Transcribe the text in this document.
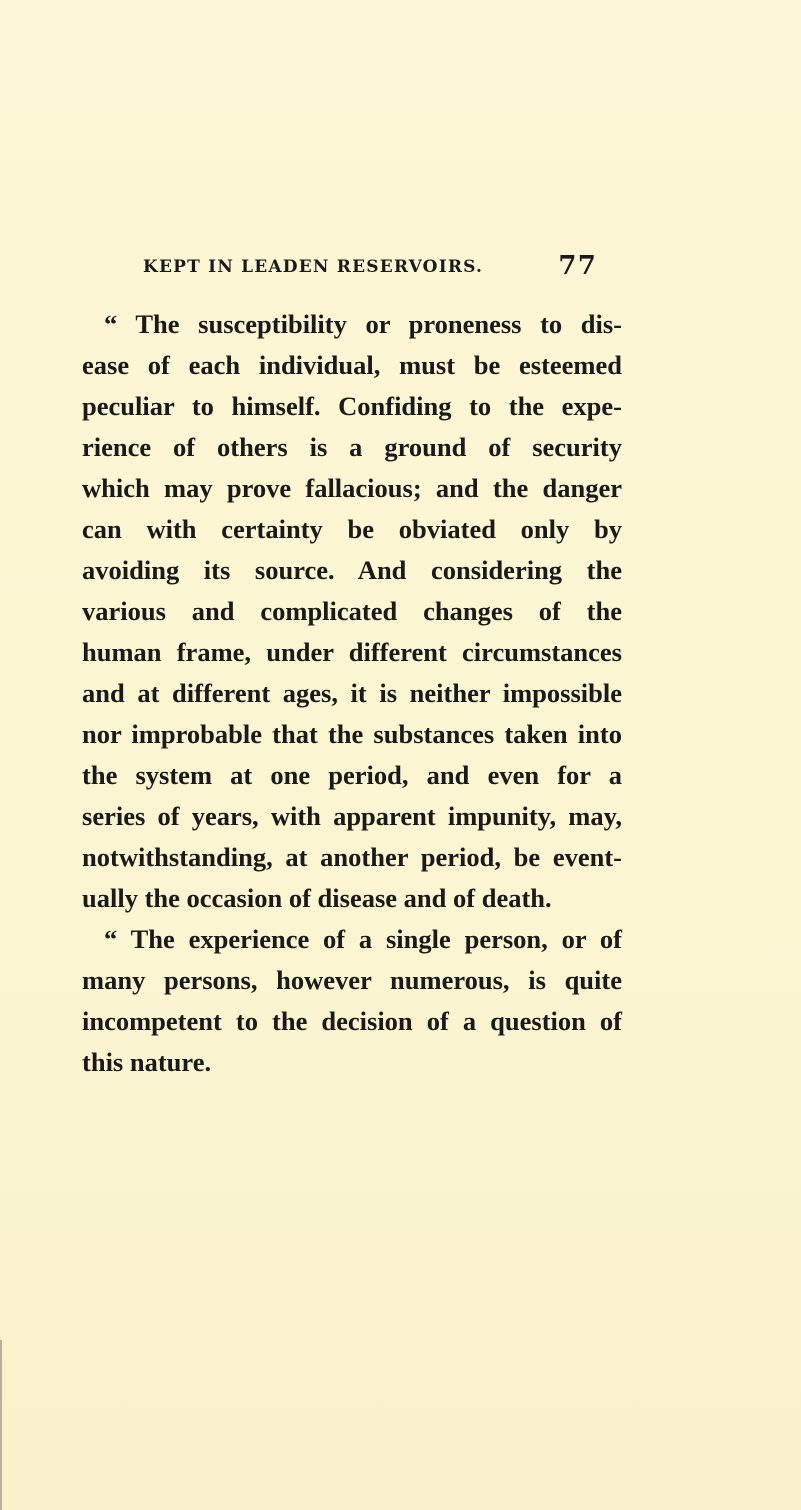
KEPT IN LEADEN RESERVOIRS.	77
“ The susceptibility or proneness to dis-
ease of each individual, must be esteemed
peculiar to himself. Confiding to the expe-
rience of others is a ground of security
which may prove fallacious; and the danger
can with certainty be obviated only by
avoiding its source. And considering the
various and complicated changes of the
human frame, under different circumstances
and at different ages, it is neither impossible
nor improbable that the substances taken into
the system at one period, and even for a
series of years, with apparent impunity, may,
notwithstanding, at another period, be event-
ually the occasion of disease and of death.
“ The experience of a single person, or of
many persons, however numerous, is quite
incompetent to the decision of a question of
this nature.
